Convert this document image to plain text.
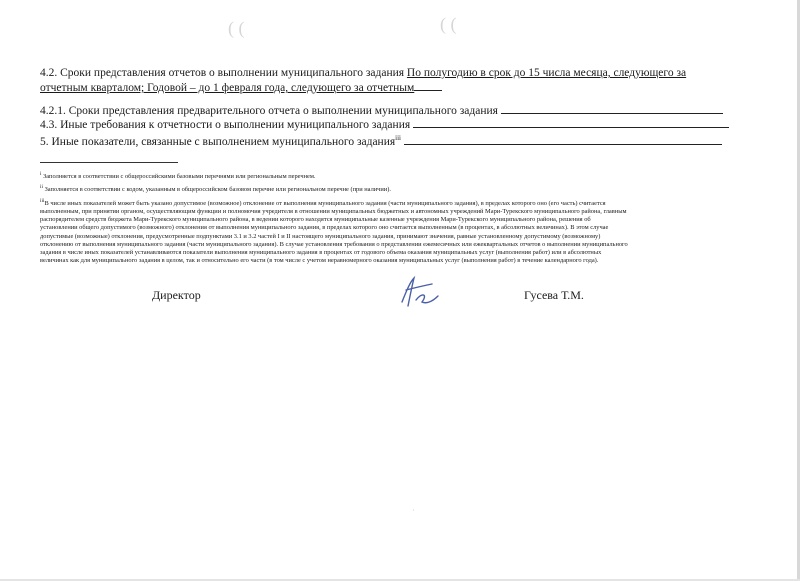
( (	( (
4.2. Сроки представления отчетов о выполнении муниципального задания По полугодию в срок до 15 числа месяца, следующего за
отчетным кварталом; Годовой – до 1 февраля года, следующего за отчетным
4.2.1. Сроки представления предварительного отчета о выполнении муниципального задания
4.3. Иные требования к отчетности о выполнении муниципального задания
5. Иные показатели, связанные с выполнением муниципального задания$^{iii}$
$^i$ Заполняется в соответствии с общероссийскими базовыми перечнями или региональным перечнем.
$^{ii}$ Заполняется в соответствии с кодом, указанным в общероссийском базовом перечне или региональном перечне (при наличии).
$^{iii}$В числе иных показателей может быть указано допустимое (возможное) отклонение от выполнения муниципального задания (части муниципального задания), в пределах которого оно (его часть) считается
выполненным, при принятии органом, осуществляющим функции и полномочия учредителя в отношении муниципальных бюджетных и автономных учреждений Мари-Турекского муниципального района, главным
распорядителем средств бюджета Мари-Турекского муниципального района, в ведении которого находятся муниципальные казенные учреждения Мари-Турекского муниципального района, решения об
установлении общего допустимого (возможного) отклонения от выполнения муниципального задания, в пределах которого оно считается выполненным (в процентах, в абсолютных величинах). В этом случае
допустимые (возможные) отклонения, предусмотренные подпунктами 3.1 и 3.2 частей I и II настоящего муниципального задания, принимают значения, равные установленному допустимому (возможному)
отклонению от выполнения муниципального задания (части муниципального задания). В случае установления требования о представлении ежемесячных или ежеквартальных отчетов о выполнении муниципального
задания в числе иных показателей устанавливаются показатели выполнения муниципального задания в процентах от годового объема оказания муниципальных услуг (выполнения работ) или в абсолютных
величинах как для муниципального задания в целом, так и относительно его части (в том числе с учетом неравномерного оказания муниципальных услуг (выполнения работ) в течение календарного года).
Директор	Гусева Т.М.
·
